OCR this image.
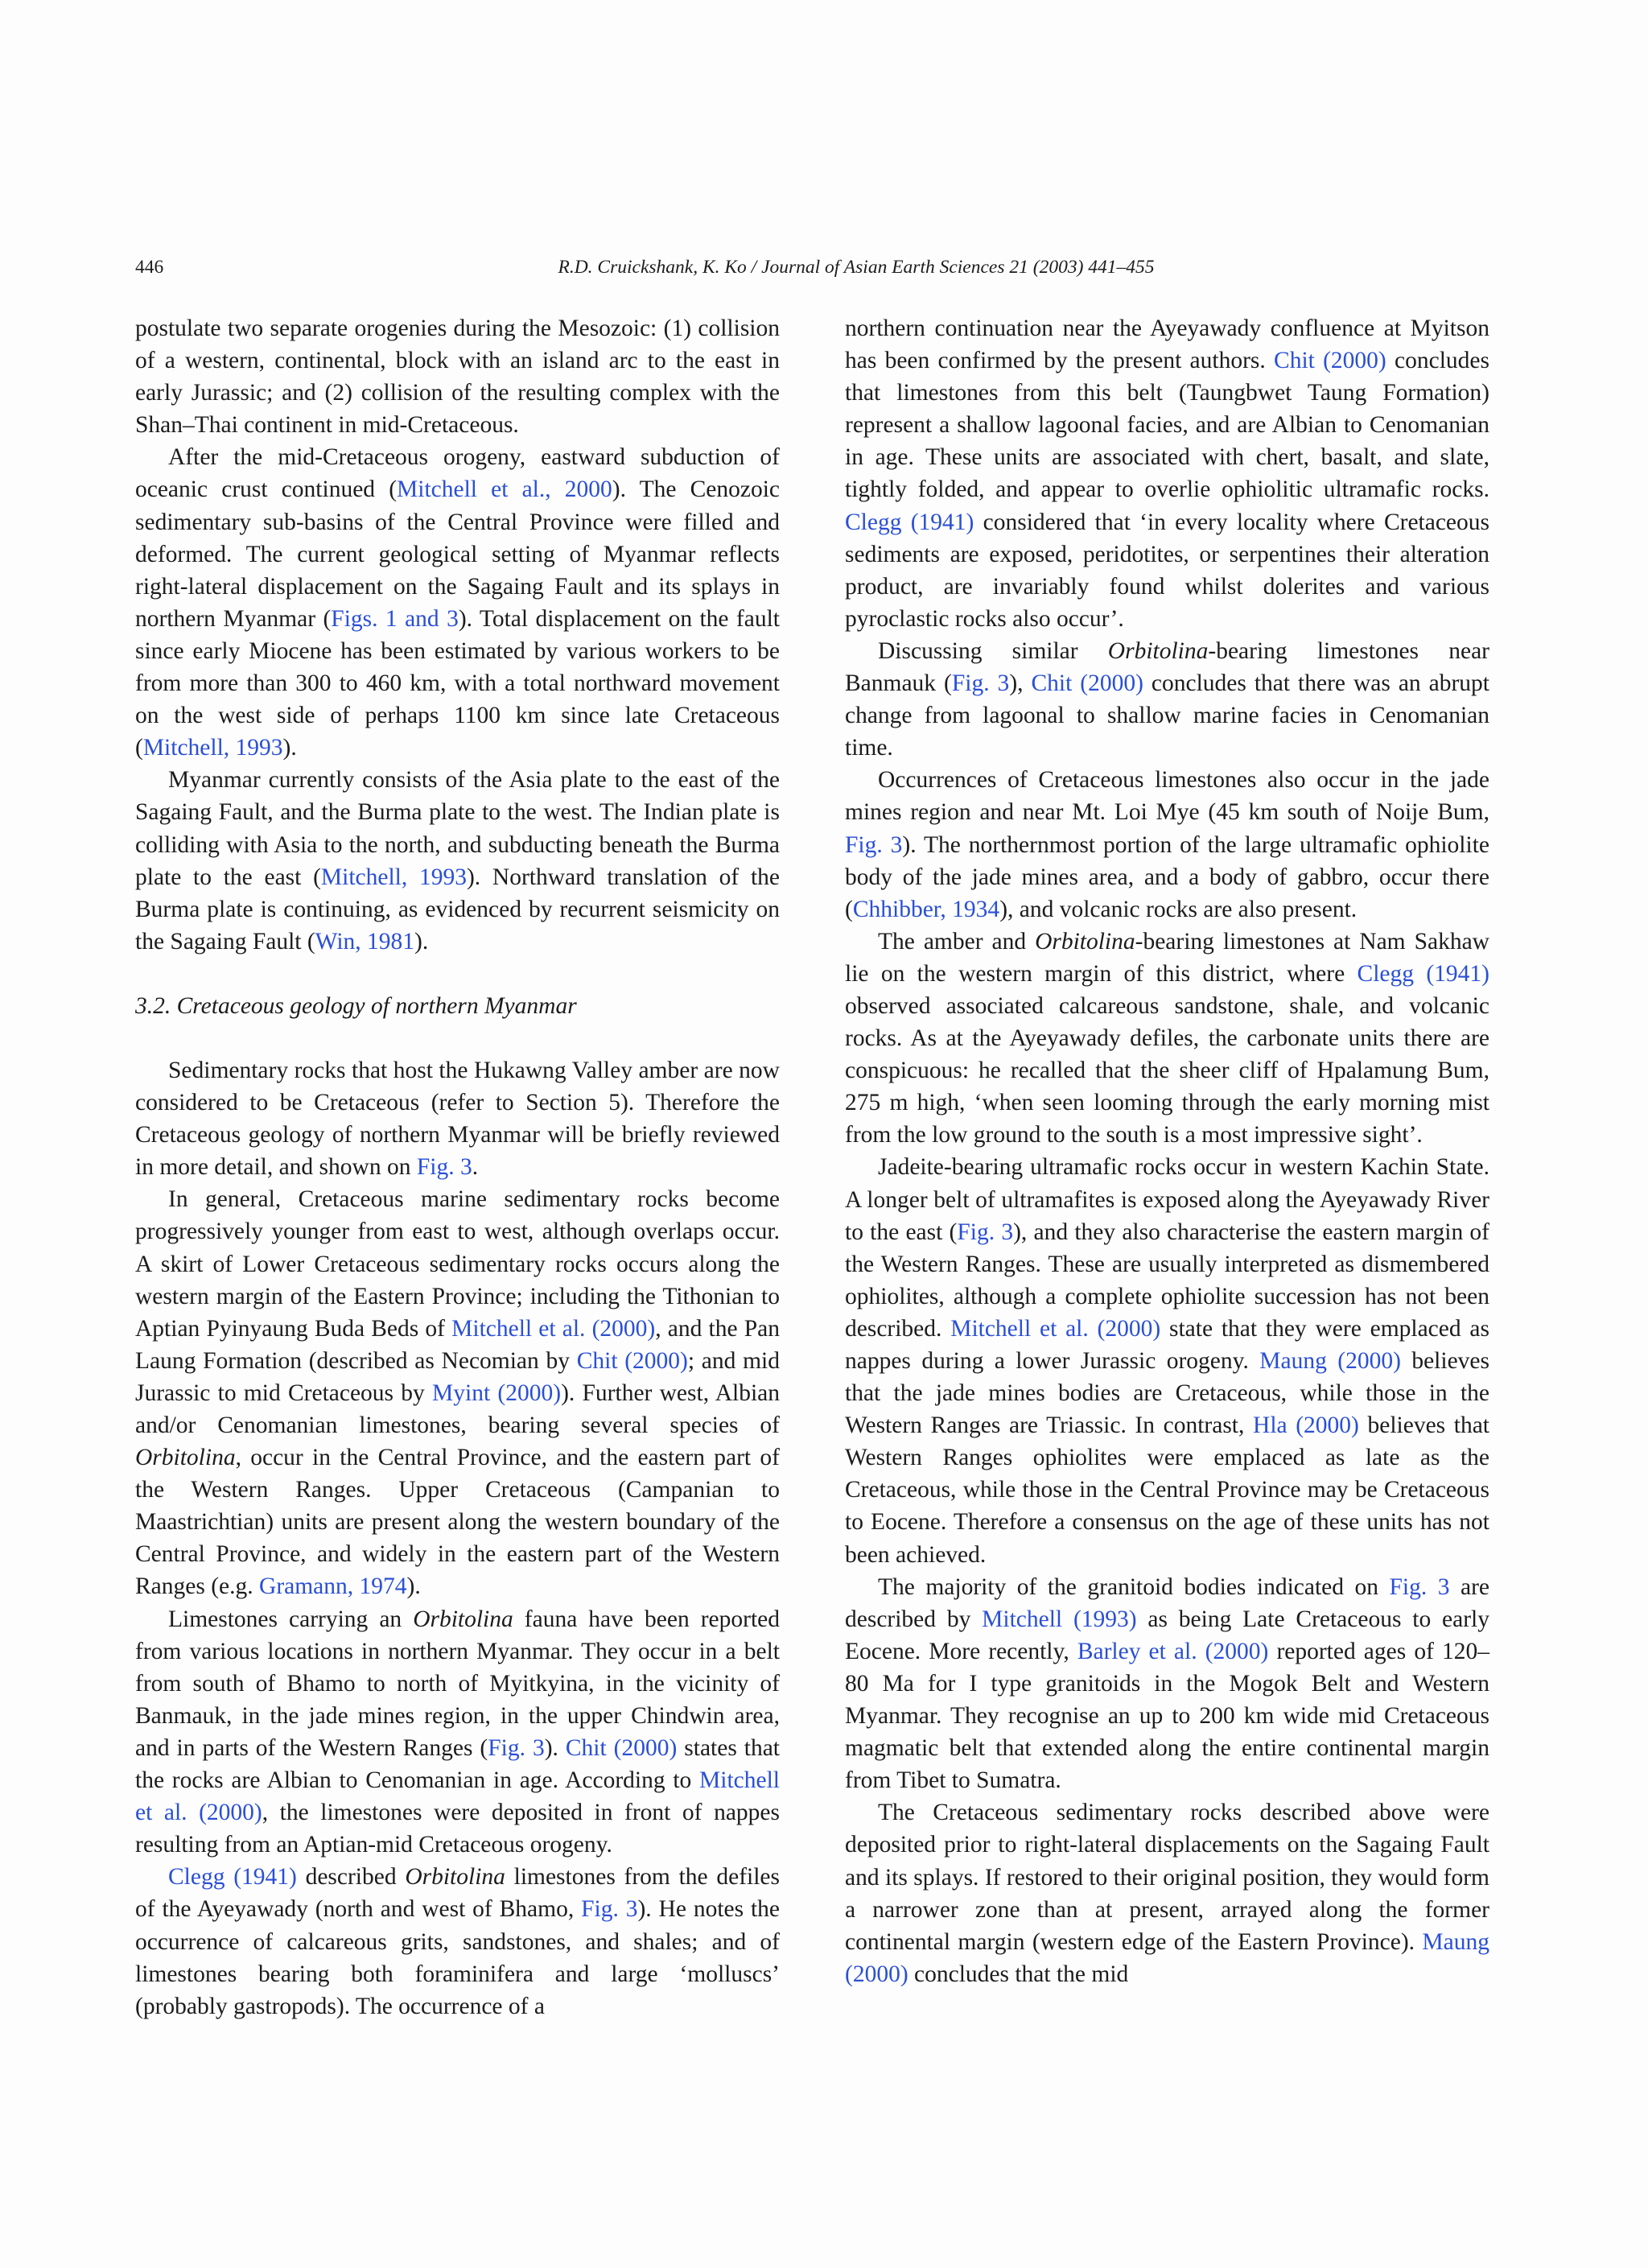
446	R.D. Cruickshank, K. Ko / Journal of Asian Earth Sciences 21 (2003) 441–455

postulate two separate orogenies during the Mesozoic: (1) collision of a western, continental, block with an island arc to the east in early Jurassic; and (2) collision of the resulting complex with the Shan–Thai continent in mid-Cretaceous.

After the mid-Cretaceous orogeny, eastward subduction of oceanic crust continued (Mitchell et al., 2000). The Cenozoic sedimentary sub-basins of the Central Province were filled and deformed. The current geological setting of Myanmar reflects right-lateral displacement on the Sagaing Fault and its splays in northern Myanmar (Figs. 1 and 3). Total displacement on the fault since early Miocene has been estimated by various workers to be from more than 300 to 460 km, with a total northward movement on the west side of perhaps 1100 km since late Cretaceous (Mitchell, 1993).

Myanmar currently consists of the Asia plate to the east of the Sagaing Fault, and the Burma plate to the west. The Indian plate is colliding with Asia to the north, and subducting beneath the Burma plate to the east (Mitchell, 1993). Northward translation of the Burma plate is continuing, as evidenced by recurrent seismicity on the Sagaing Fault (Win, 1981).

3.2. Cretaceous geology of northern Myanmar

Sedimentary rocks that host the Hukawng Valley amber are now considered to be Cretaceous (refer to Section 5). Therefore the Cretaceous geology of northern Myanmar will be briefly reviewed in more detail, and shown on Fig. 3.

In general, Cretaceous marine sedimentary rocks become progressively younger from east to west, although overlaps occur. A skirt of Lower Cretaceous sedimentary rocks occurs along the western margin of the Eastern Province; including the Tithonian to Aptian Pyinyaung Buda Beds of Mitchell et al. (2000), and the Pan Laung Formation (described as Necomian by Chit (2000); and mid Jurassic to mid Cretaceous by Myint (2000)). Further west, Albian and/or Cenomanian limestones, bearing several species of Orbitolina, occur in the Central Province, and the eastern part of the Western Ranges. Upper Cretaceous (Campanian to Maastrichtian) units are present along the western boundary of the Central Province, and widely in the eastern part of the Western Ranges (e.g. Gramann, 1974).

Limestones carrying an Orbitolina fauna have been reported from various locations in northern Myanmar. They occur in a belt from south of Bhamo to north of Myitkyina, in the vicinity of Banmauk, in the jade mines region, in the upper Chindwin area, and in parts of the Western Ranges (Fig. 3). Chit (2000) states that the rocks are Albian to Cenomanian in age. According to Mitchell et al. (2000), the limestones were deposited in front of nappes resulting from an Aptian-mid Cretaceous orogeny.

Clegg (1941) described Orbitolina limestones from the defiles of the Ayeyawady (north and west of Bhamo, Fig. 3). He notes the occurrence of calcareous grits, sandstones, and shales; and of limestones bearing both foraminifera and large ‘molluscs’ (probably gastropods). The occurrence of a

northern continuation near the Ayeyawady confluence at Myitson has been confirmed by the present authors. Chit (2000) concludes that limestones from this belt (Taungbwet Taung Formation) represent a shallow lagoonal facies, and are Albian to Cenomanian in age. These units are associated with chert, basalt, and slate, tightly folded, and appear to overlie ophiolitic ultramafic rocks. Clegg (1941) considered that ‘in every locality where Cretaceous sediments are exposed, peridotites, or serpentines their alteration product, are invariably found whilst dolerites and various pyroclastic rocks also occur’.

Discussing similar Orbitolina-bearing limestones near Banmauk (Fig. 3), Chit (2000) concludes that there was an abrupt change from lagoonal to shallow marine facies in Cenomanian time.

Occurrences of Cretaceous limestones also occur in the jade mines region and near Mt. Loi Mye (45 km south of Noije Bum, Fig. 3). The northernmost portion of the large ultramafic ophiolite body of the jade mines area, and a body of gabbro, occur there (Chhibber, 1934), and volcanic rocks are also present.

The amber and Orbitolina-bearing limestones at Nam Sakhaw lie on the western margin of this district, where Clegg (1941) observed associated calcareous sandstone, shale, and volcanic rocks. As at the Ayeyawady defiles, the carbonate units there are conspicuous: he recalled that the sheer cliff of Hpalamung Bum, 275 m high, ‘when seen looming through the early morning mist from the low ground to the south is a most impressive sight’.

Jadeite-bearing ultramafic rocks occur in western Kachin State. A longer belt of ultramafites is exposed along the Ayeyawady River to the east (Fig. 3), and they also characterise the eastern margin of the Western Ranges. These are usually interpreted as dismembered ophiolites, although a complete ophiolite succession has not been described. Mitchell et al. (2000) state that they were emplaced as nappes during a lower Jurassic orogeny. Maung (2000) believes that the jade mines bodies are Cretaceous, while those in the Western Ranges are Triassic. In contrast, Hla (2000) believes that Western Ranges ophiolites were emplaced as late as the Cretaceous, while those in the Central Province may be Cretaceous to Eocene. Therefore a consensus on the age of these units has not been achieved.

The majority of the granitoid bodies indicated on Fig. 3 are described by Mitchell (1993) as being Late Cretaceous to early Eocene. More recently, Barley et al. (2000) reported ages of 120–80 Ma for I type granitoids in the Mogok Belt and Western Myanmar. They recognise an up to 200 km wide mid Cretaceous magmatic belt that extended along the entire continental margin from Tibet to Sumatra.

The Cretaceous sedimentary rocks described above were deposited prior to right-lateral displacements on the Sagaing Fault and its splays. If restored to their original position, they would form a narrower zone than at present, arrayed along the former continental margin (western edge of the Eastern Province). Maung (2000) concludes that the mid
